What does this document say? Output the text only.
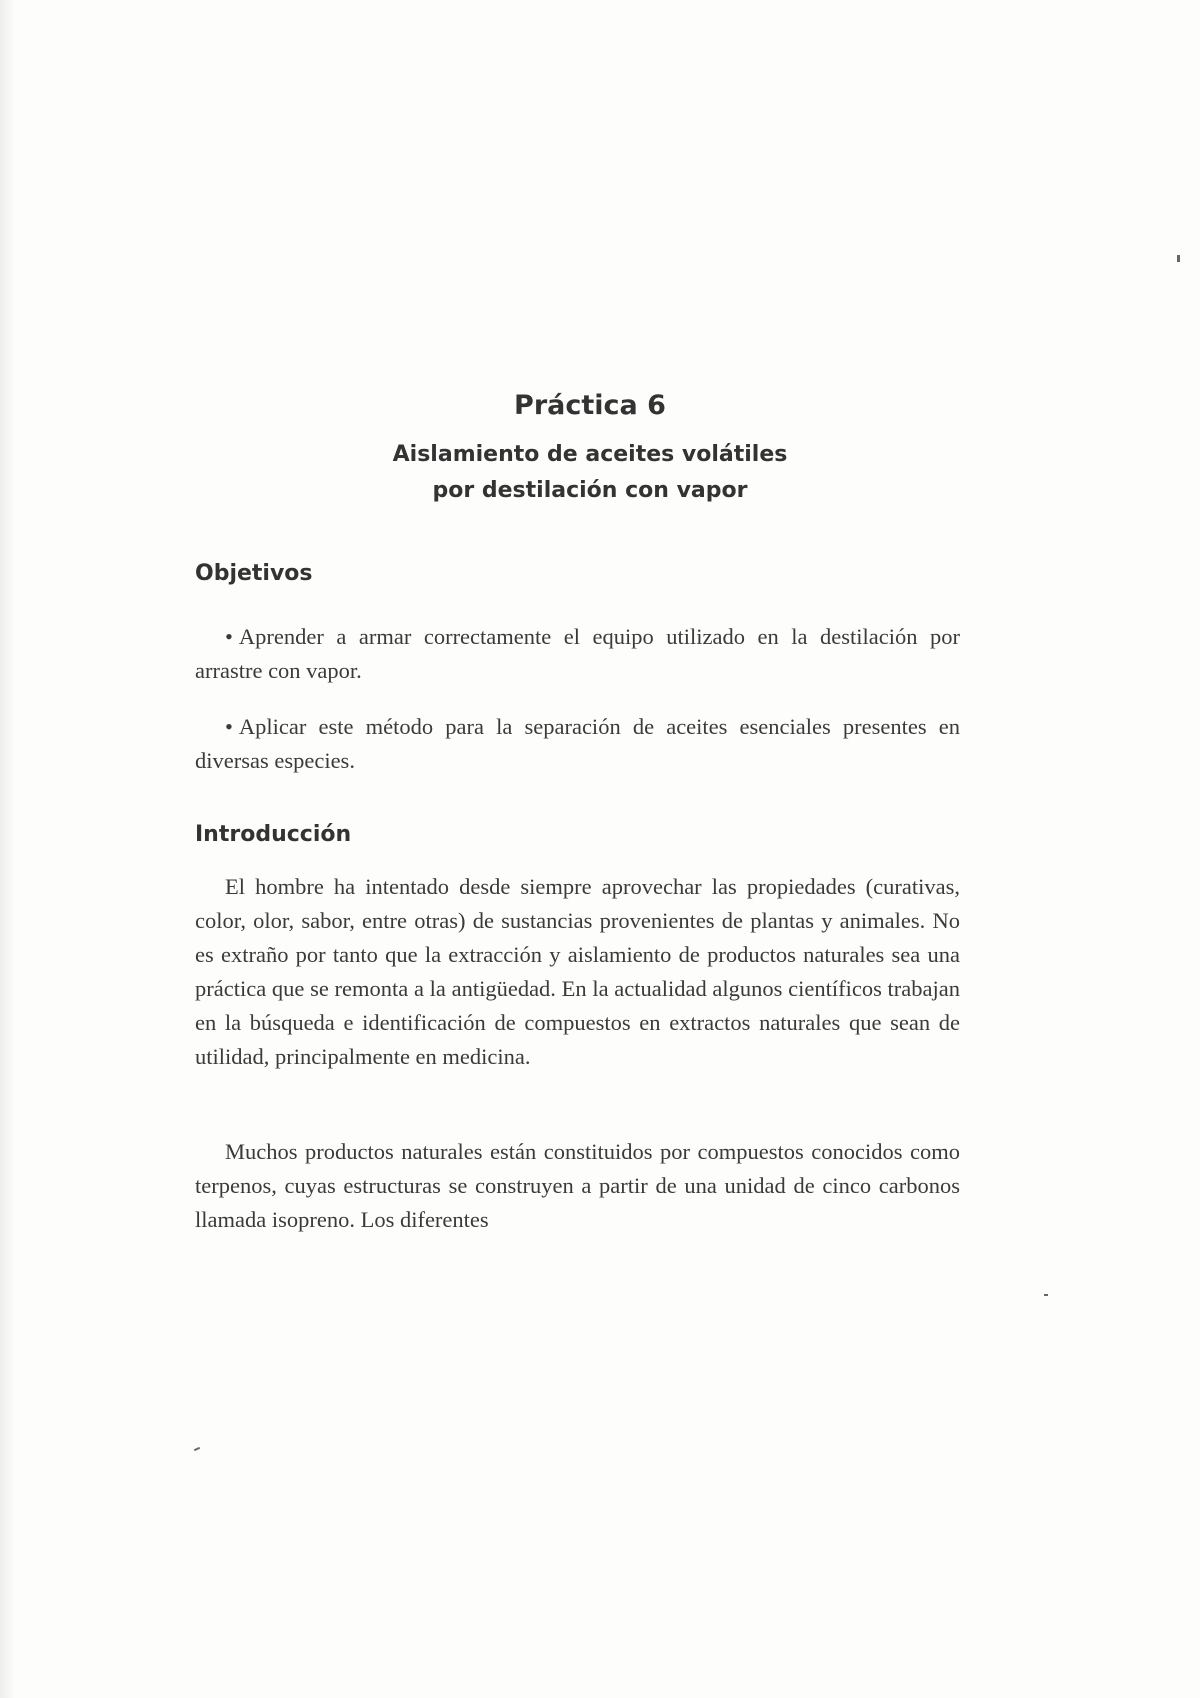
Práctica 6
Aislamiento de aceites volátiles
por destilación con vapor
Objetivos

• Aprender a armar correctamente el equipo utilizado en la destilación por arrastre con vapor.

• Aplicar este método para la separación de aceites esenciales presentes en diversas especies.

Introducción

El hombre ha intentado desde siempre aprovechar las propiedades (curativas, color, olor, sabor, entre otras) de sustancias provenientes de plantas y animales. No es extraño por tanto que la extracción y aislamiento de productos naturales sea una práctica que se remonta a la antigüedad. En la actualidad algunos científicos trabajan en la búsqueda e identificación de compuestos en extractos naturales que sean de utilidad, principalmente en medicina.

Muchos productos naturales están constituidos por compuestos conocidos como terpenos, cuyas estructuras se construyen a partir de una unidad de cinco carbonos llamada isopreno. Los diferentes
